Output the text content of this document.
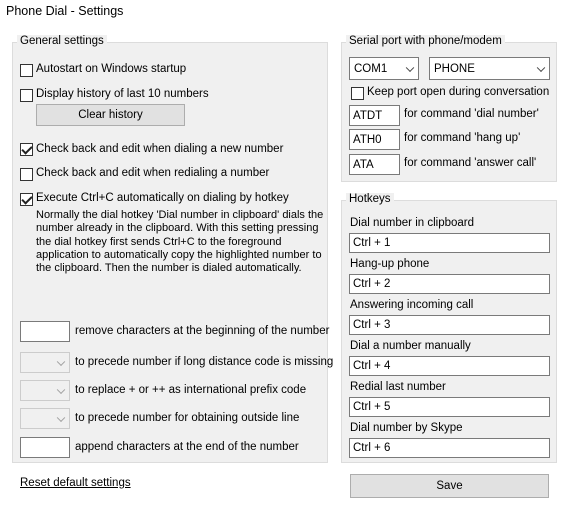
Phone Dial - Settings
General settings
Autostart on Windows startup
Display history of last 10 numbers
Clear history
Check back and edit when dialing a new number
Check back and edit when redialing a number
Execute Ctrl+C automatically on dialing by hotkey
Normally the dial hotkey 'Dial number in clipboard' dials the number already in the clipboard. With this setting pressing the dial hotkey first sends Ctrl+C to the foreground application to automatically copy the highlighted number to the clipboard. Then the number is dialed automatically.
remove characters at the beginning of the number
to precede number if long distance code is missing
to replace + or ++ as international prefix code
to precede number for obtaining outside line
append characters at the end of the number
Reset default settings
Serial port with phone/modem
COM1	PHONE
Keep port open during conversation
ATDT	for command 'dial number'
ATH0	for command 'hang up'
ATA	for command 'answer call'
Hotkeys
Dial number in clipboard
Ctrl + 1
Hang-up phone
Ctrl + 2
Answering incoming call
Ctrl + 3
Dial a number manually
Ctrl + 4
Redial last number
Ctrl + 5
Dial number by Skype
Ctrl + 6
Save
